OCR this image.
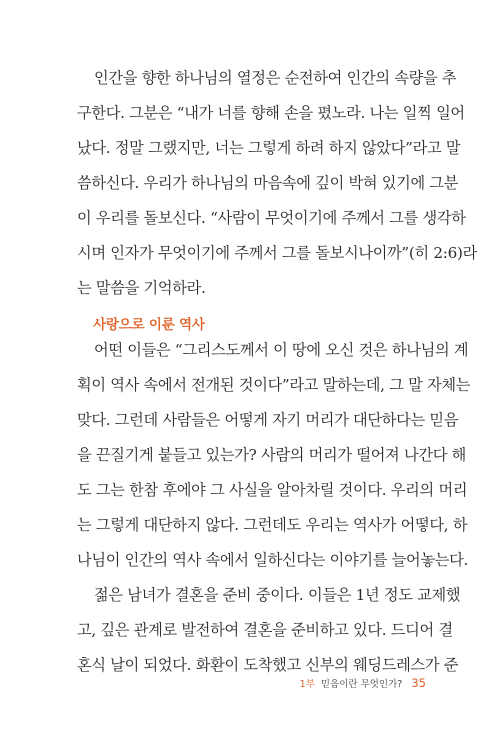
인간을 향한 하나님의 열정은 순전하여 인간의 속량을 추
구한다. 그분은 “내가 너를 향해 손을 폈노라. 나는 일찍 일어
났다. 정말 그랬지만, 너는 그렇게 하려 하지 않았다”라고 말
씀하신다. 우리가 하나님의 마음속에 깊이 박혀 있기에 그분
이 우리를 돌보신다. “사람이 무엇이기에 주께서 그를 생각하
시며 인자가 무엇이기에 주께서 그를 돌보시나이까”(히 2:6)라
는 말씀을 기억하라.
사랑으로 이룬 역사
어떤 이들은 “그리스도께서 이 땅에 오신 것은 하나님의 계
획이 역사 속에서 전개된 것이다”라고 말하는데, 그 말 자체는
맞다. 그런데 사람들은 어떻게 자기 머리가 대단하다는 믿음
을 끈질기게 붙들고 있는가? 사람의 머리가 떨어져 나간다 해
도 그는 한참 후에야 그 사실을 알아차릴 것이다. 우리의 머리
는 그렇게 대단하지 않다. 그런데도 우리는 역사가 어떻다, 하
나님이 인간의 역사 속에서 일하신다는 이야기를 늘어놓는다.
젊은 남녀가 결혼을 준비 중이다. 이들은 1년 정도 교제했
고, 깊은 관계로 발전하여 결혼을 준비하고 있다. 드디어 결
혼식 날이 되었다. 화환이 도착했고 신부의 웨딩드레스가 준
1부 믿음이란 무엇인가? 35
